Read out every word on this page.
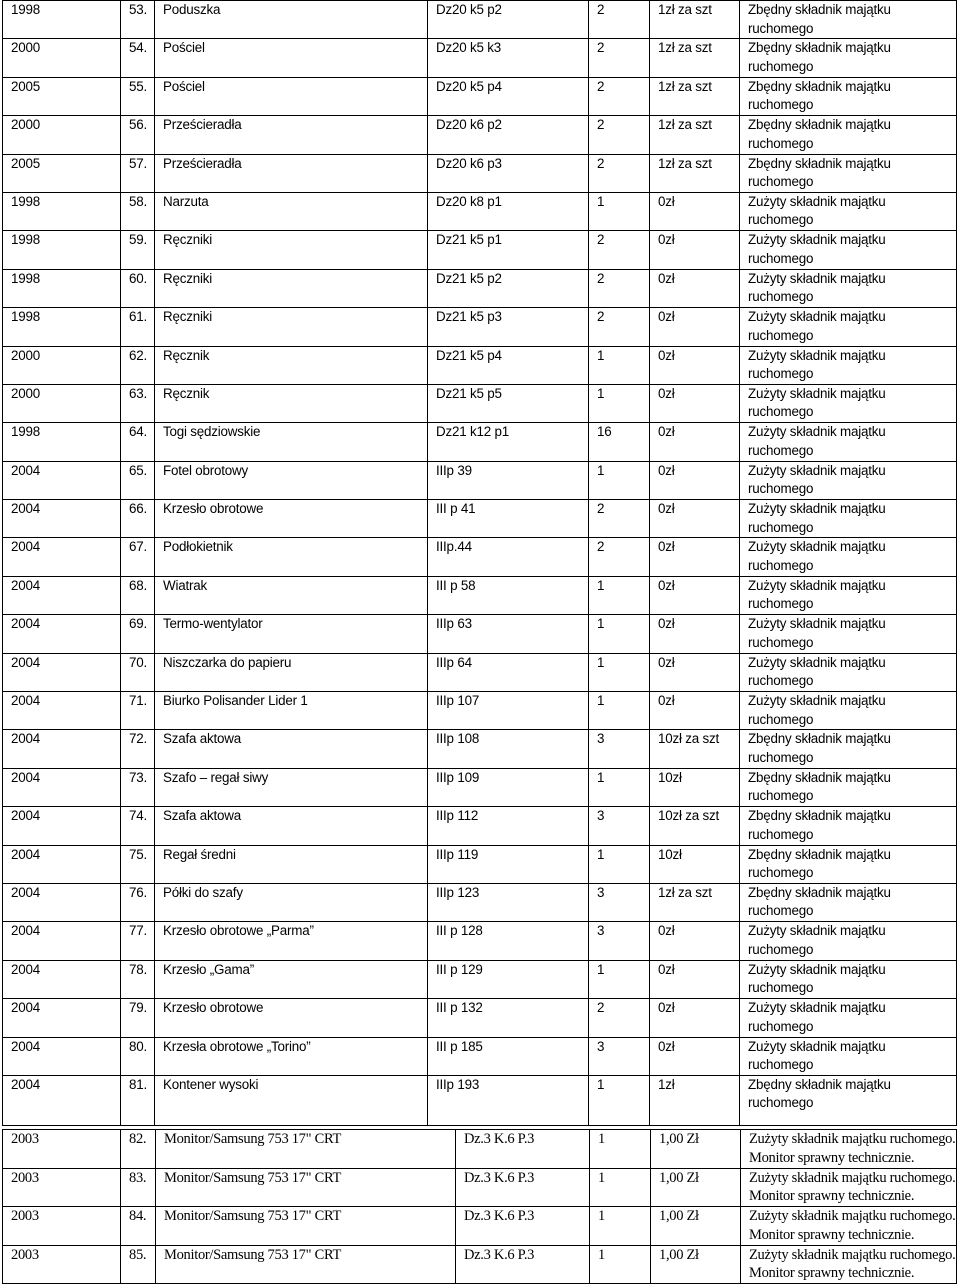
1998	53.	Poduszka	Dz20 k5 p2	2	1zł za szt	Zbędny składnik majątku
ruchomego

2000	54.	Pościel	Dz20 k5 k3	2	1zł za szt	Zbędny składnik majątku
ruchomego

2005	55.	Pościel	Dz20 k5 p4	2	1zł za szt	Zbędny składnik majątku
ruchomego

2000	56.	Prześcieradła	Dz20 k6 p2	2	1zł za szt	Zbędny składnik majątku
ruchomego

2005	57.	Prześcieradła	Dz20 k6 p3	2	1zł za szt	Zbędny składnik majątku
ruchomego

1998	58.	Narzuta	Dz20 k8 p1	1	0zł	Zużyty składnik majątku
ruchomego

1998	59.	Ręczniki	Dz21 k5 p1	2	0zł	Zużyty składnik majątku
ruchomego

1998	60.	Ręczniki	Dz21 k5 p2	2	0zł	Zużyty składnik majątku
ruchomego

1998	61.	Ręczniki	Dz21 k5 p3	2	0zł	Zużyty składnik majątku
ruchomego

2000	62.	Ręcznik	Dz21 k5 p4	1	0zł	Zużyty składnik majątku
ruchomego

2000	63.	Ręcznik	Dz21 k5 p5	1	0zł	Zużyty składnik majątku
ruchomego

1998	64.	Togi sędziowskie	Dz21 k12 p1	16	0zł	Zużyty składnik majątku
ruchomego

2004	65.	Fotel obrotowy	IIIp 39	1	0zł	Zużyty składnik majątku
ruchomego

2004	66.	Krzesło obrotowe	III p 41	2	0zł	Zużyty składnik majątku
ruchomego

2004	67.	Podłokietnik	IIIp.44	2	0zł	Zużyty składnik majątku
ruchomego

2004	68.	Wiatrak	III p 58	1	0zł	Zużyty składnik majątku
ruchomego

2004	69.	Termo-wentylator	IIIp 63	1	0zł	Zużyty składnik majątku
ruchomego

2004	70.	Niszczarka do papieru	IIIp 64	1	0zł	Zużyty składnik majątku
ruchomego

2004	71.	Biurko Polisander Lider 1	IIIp 107	1	0zł	Zużyty składnik majątku
ruchomego

2004	72.	Szafa aktowa	IIIp 108	3	10zł za szt	Zbędny składnik majątku
ruchomego

2004	73.	Szafo – regał siwy	IIIp 109	1	10zł	Zbędny składnik majątku
ruchomego

2004	74.	Szafa aktowa	IIIp 112	3	10zł za szt	Zbędny składnik majątku
ruchomego

2004	75.	Regał średni	IIIp 119	1	10zł	Zbędny składnik majątku
ruchomego

2004	76.	Półki do szafy	IIIp 123	3	1zł za szt	Zbędny składnik majątku
ruchomego

2004	77.	Krzesło obrotowe „Parma”	III p 128	3	0zł	Zużyty składnik majątku
ruchomego

2004	78.	Krzesło „Gama”	III p 129	1	0zł	Zużyty składnik majątku
ruchomego

2004	79.	Krzesło obrotowe	III p 132	2	0zł	Zużyty składnik majątku
ruchomego

2004	80.	Krzesła obrotowe „Torino”	III p 185	3	0zł	Zużyty składnik majątku
ruchomego

2004	81.	Kontener wysoki	IIIp 193	1	1zł	Zbędny składnik majątku
ruchomego
2003	82.	Monitor/Samsung 753 17" CRT	Dz.3 K.6 P.3	1	1,00 Zł	Zużyty składnik majątku ruchomego.
Monitor sprawny technicznie.

2003	83.	Monitor/Samsung 753 17" CRT	Dz.3 K.6 P.3	1	1,00 Zł	Zużyty składnik majątku ruchomego.
Monitor sprawny technicznie.

2003	84.	Monitor/Samsung 753 17" CRT	Dz.3 K.6 P.3	1	1,00 Zł	Zużyty składnik majątku ruchomego.
Monitor sprawny technicznie.

2003	85.	Monitor/Samsung 753 17" CRT	Dz.3 K.6 P.3	1	1,00 Zł	Zużyty składnik majątku ruchomego.
Monitor sprawny technicznie.
